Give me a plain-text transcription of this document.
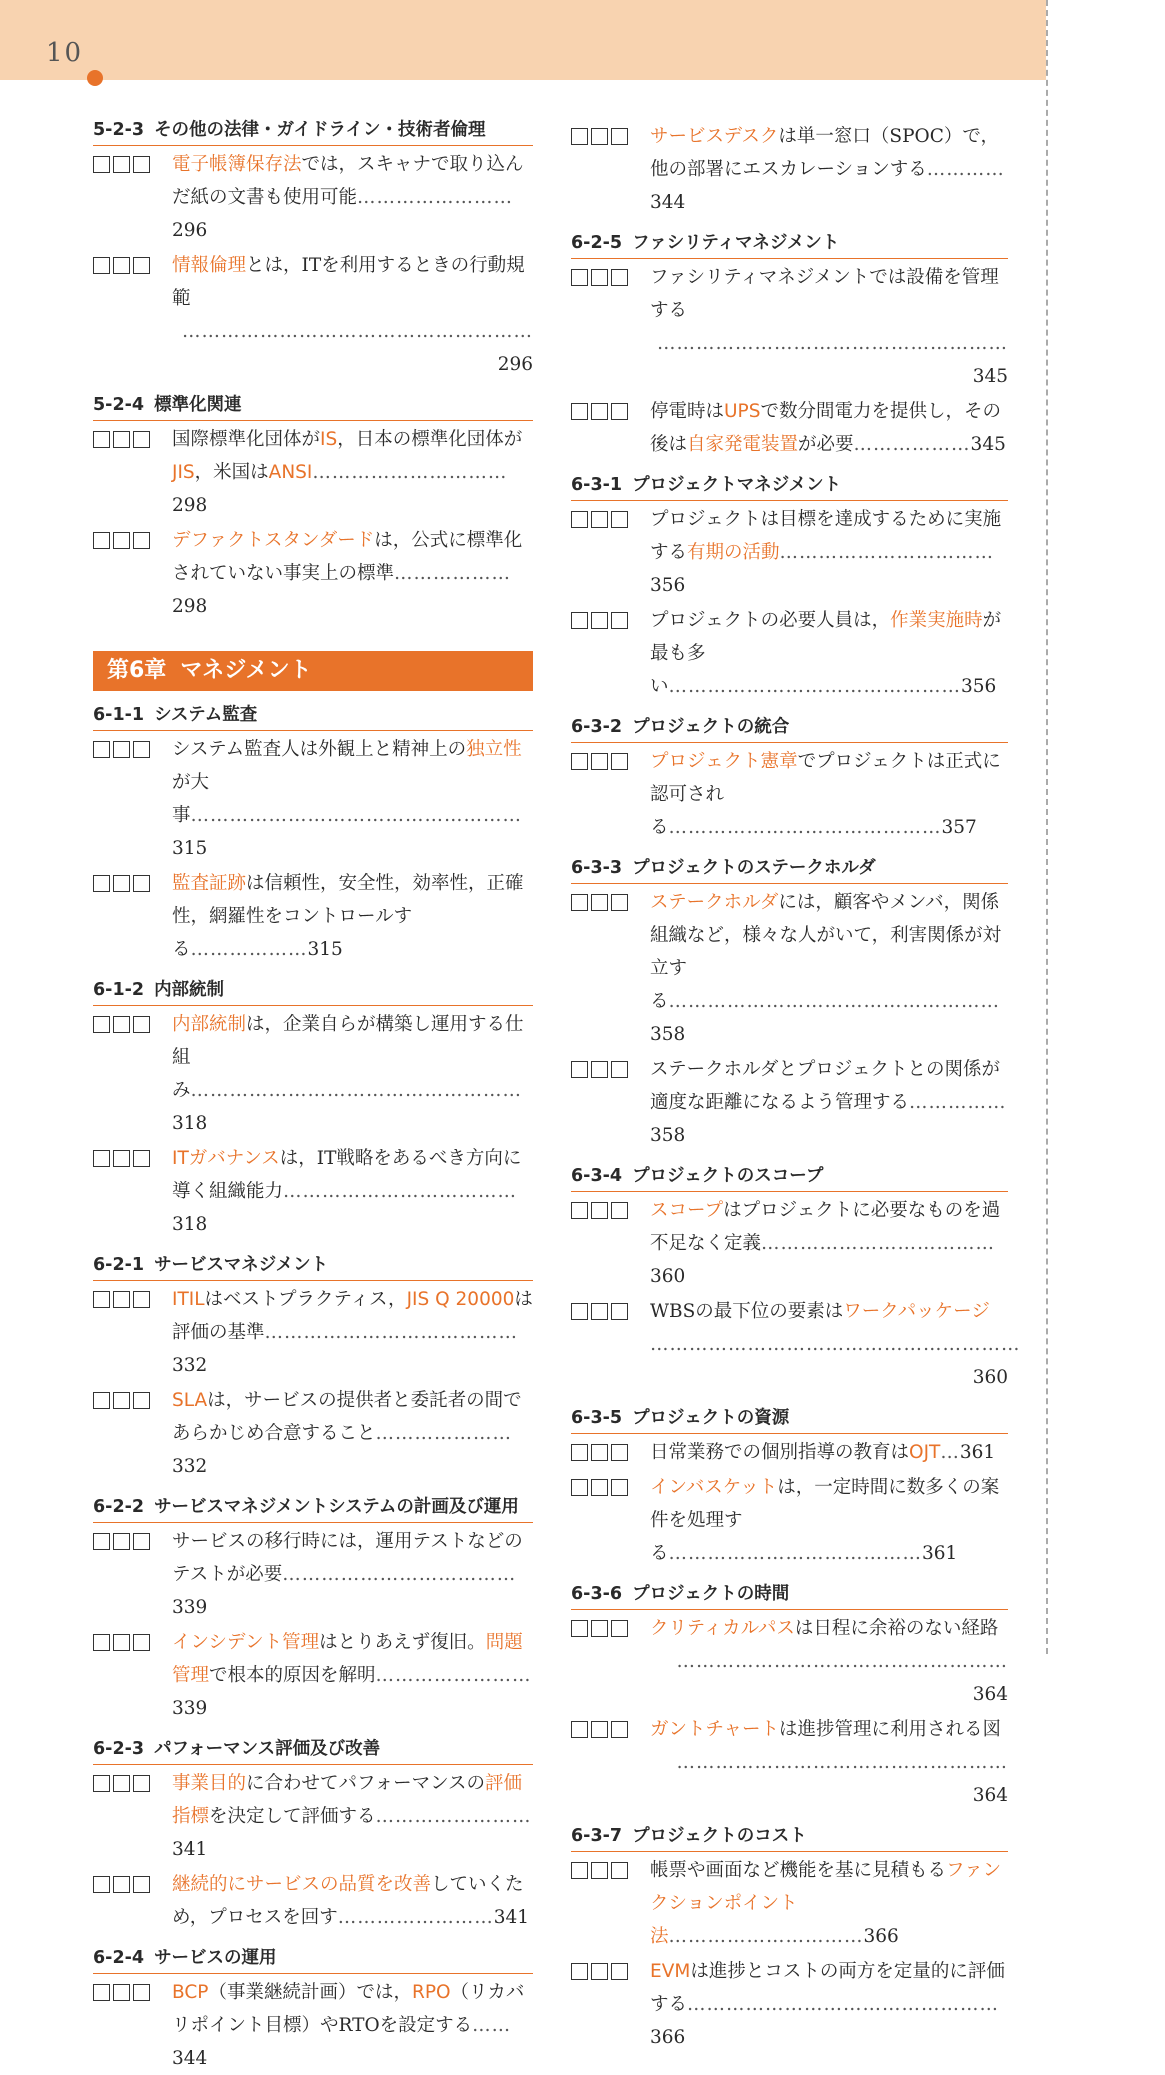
10
5-2-3 その他の法律・ガイドライン・技術者倫理
電子帳簿保存法では，スキャナで取り込んだ紙の文書も使用可能……………………296
情報倫理とは，ITを利用するときの行動規範
………………………………………………296
5-2-4 標準化関連
国際標準化団体がIS，日本の標準化団体がJIS，米国はANSI…………………………298
デファクトスタンダードは，公式に標準化されていない事実上の標準………………298
第6章 マネジメント
6-1-1 システム監査
システム監査人は外観上と精神上の独立性が大事……………………………………………315
監査証跡は信頼性，安全性，効率性，正確性，網羅性をコントロールする………………315
6-1-2 内部統制
内部統制は，企業自らが構築し運用する仕組み……………………………………………318
ITガバナンスは，IT戦略をあるべき方向に導く組織能力………………………………318
6-2-1 サービスマネジメント
ITILはベストプラクティス，JIS Q 20000は評価の基準…………………………………332
SLAは，サービスの提供者と委託者の間であらかじめ合意すること…………………332
6-2-2 サービスマネジメントシステムの計画及び運用
サービスの移行時には，運用テストなどのテストが必要………………………………339
インシデント管理はとりあえず復旧。問題管理で根本的原因を解明……………………339
6-2-3 パフォーマンス評価及び改善
事業目的に合わせてパフォーマンスの評価指標を決定して評価する……………………341
継続的にサービスの品質を改善していくため，プロセスを回す……………………341
6-2-4 サービスの運用
BCP（事業継続計画）では，RPO（リカバリポイント目標）やRTOを設定する……344
サービスデスクは単一窓口（SPOC）で，他の部署にエスカレーションする…………344
6-2-5 ファシリティマネジメント
ファシリティマネジメントでは設備を管理する
………………………………………………345
停電時はUPSで数分間電力を提供し，その後は自家発電装置が必要………………345
6-3-1 プロジェクトマネジメント
プロジェクトは目標を達成するために実施する有期の活動……………………………356
プロジェクトの必要人員は，作業実施時が最も多い………………………………………356
6-3-2 プロジェクトの統合
プロジェクト憲章でプロジェクトは正式に認可される……………………………………357
6-3-3 プロジェクトのステークホルダ
ステークホルダには，顧客やメンバ，関係組織など，様々な人がいて，利害関係が対立する……………………………………………358
ステークホルダとプロジェクトとの関係が適度な距離になるよう管理する……………358
6-3-4 プロジェクトのスコープ
スコープはプロジェクトに必要なものを過不足なく定義………………………………360
WBSの最下位の要素はワークパッケージ
…………………………………………………360
6-3-5 プロジェクトの資源
日常業務での個別指導の教育はOJT…361
インバスケットは，一定時間に数多くの案件を処理する…………………………………361
6-3-6 プロジェクトの時間
クリティカルパスは日程に余裕のない経路
……………………………………………364
ガントチャートは進捗管理に利用される図
……………………………………………364
6-3-7 プロジェクトのコスト
帳票や画面など機能を基に見積もるファンクションポイント法…………………………366
EVMは進捗とコストの両方を定量的に評価する…………………………………………366
